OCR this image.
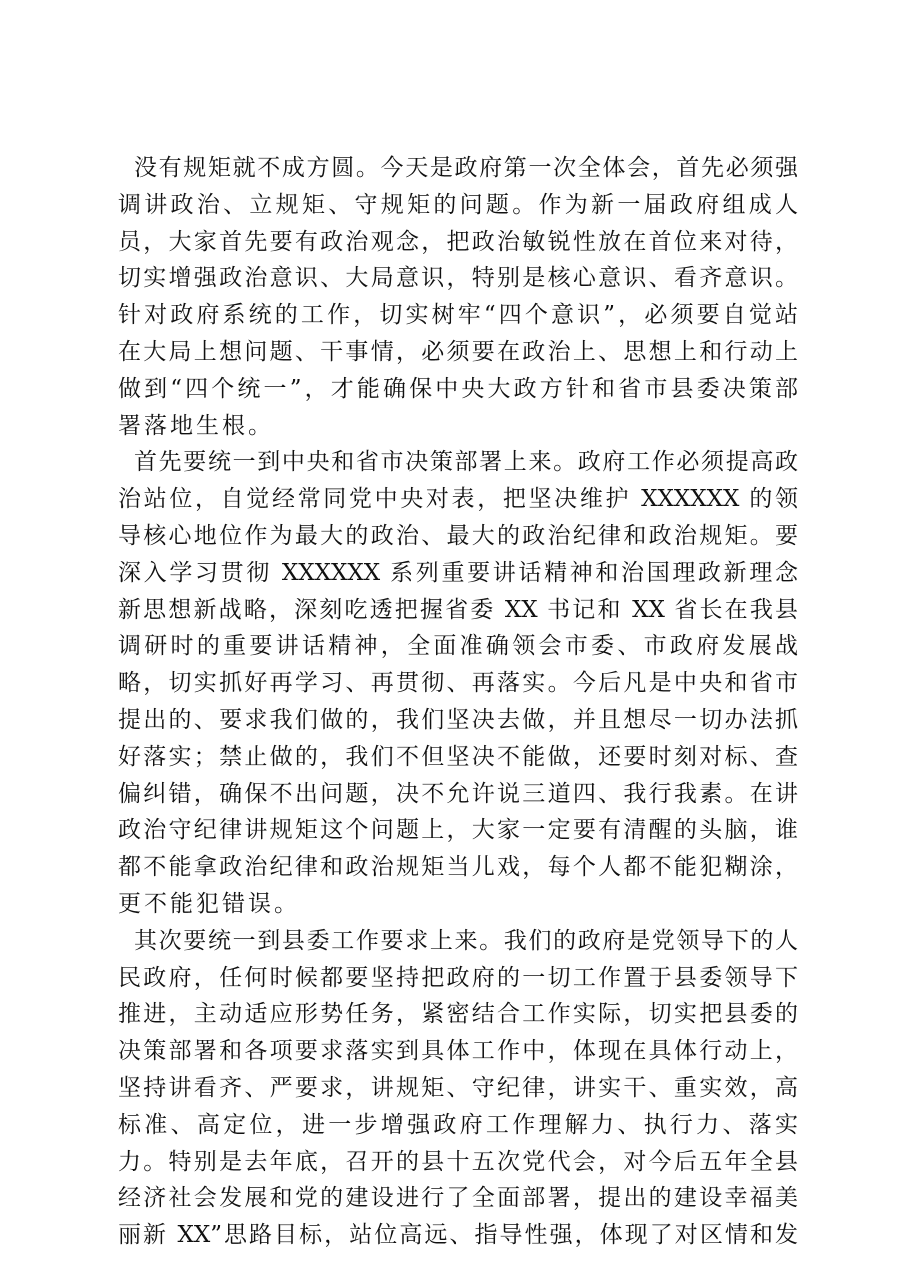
没有规矩就不成方圆。今天是政府第一次全体会，首先必须强
调讲政治、立规矩、守规矩的问题。作为新一届政府组成人
员，大家首先要有政治观念，把政治敏锐性放在首位来对待，
切实增强政治意识、大局意识，特别是核心意识、看齐意识。
针对政府系统的工作，切实树牢“四个意识”，必须要自觉站
在大局上想问题、干事情，必须要在政治上、思想上和行动上
做到“四个统一”，才能确保中央大政方针和省市县委决策部
署落地生根。
首先要统一到中央和省市决策部署上来。政府工作必须提高政
治站位，自觉经常同党中央对表，把坚决维护 XXXXXX 的领
导核心地位作为最大的政治、最大的政治纪律和政治规矩。要
深入学习贯彻 XXXXXX 系列重要讲话精神和治国理政新理念
新思想新战略，深刻吃透把握省委 XX 书记和 XX 省长在我县
调研时的重要讲话精神，全面准确领会市委、市政府发展战
略，切实抓好再学习、再贯彻、再落实。今后凡是中央和省市
提出的、要求我们做的，我们坚决去做，并且想尽一切办法抓
好落实；禁止做的，我们不但坚决不能做，还要时刻对标、查
偏纠错，确保不出问题，决不允许说三道四、我行我素。在讲
政治守纪律讲规矩这个问题上，大家一定要有清醒的头脑，谁
都不能拿政治纪律和政治规矩当儿戏，每个人都不能犯糊涂，
更不能犯错误。
其次要统一到县委工作要求上来。我们的政府是党领导下的人
民政府，任何时候都要坚持把政府的一切工作置于县委领导下
推进，主动适应形势任务，紧密结合工作实际，切实把县委的
决策部署和各项要求落实到具体工作中，体现在具体行动上，
坚持讲看齐、严要求，讲规矩、守纪律，讲实干、重实效，高
标准、高定位，进一步增强政府工作理解力、执行力、落实
力。特别是去年底，召开的县十五次党代会，对今后五年全县
经济社会发展和党的建设进行了全面部署，提出的建设幸福美
丽新 XX”思路目标，站位高远、指导性强，体现了对区情和发
